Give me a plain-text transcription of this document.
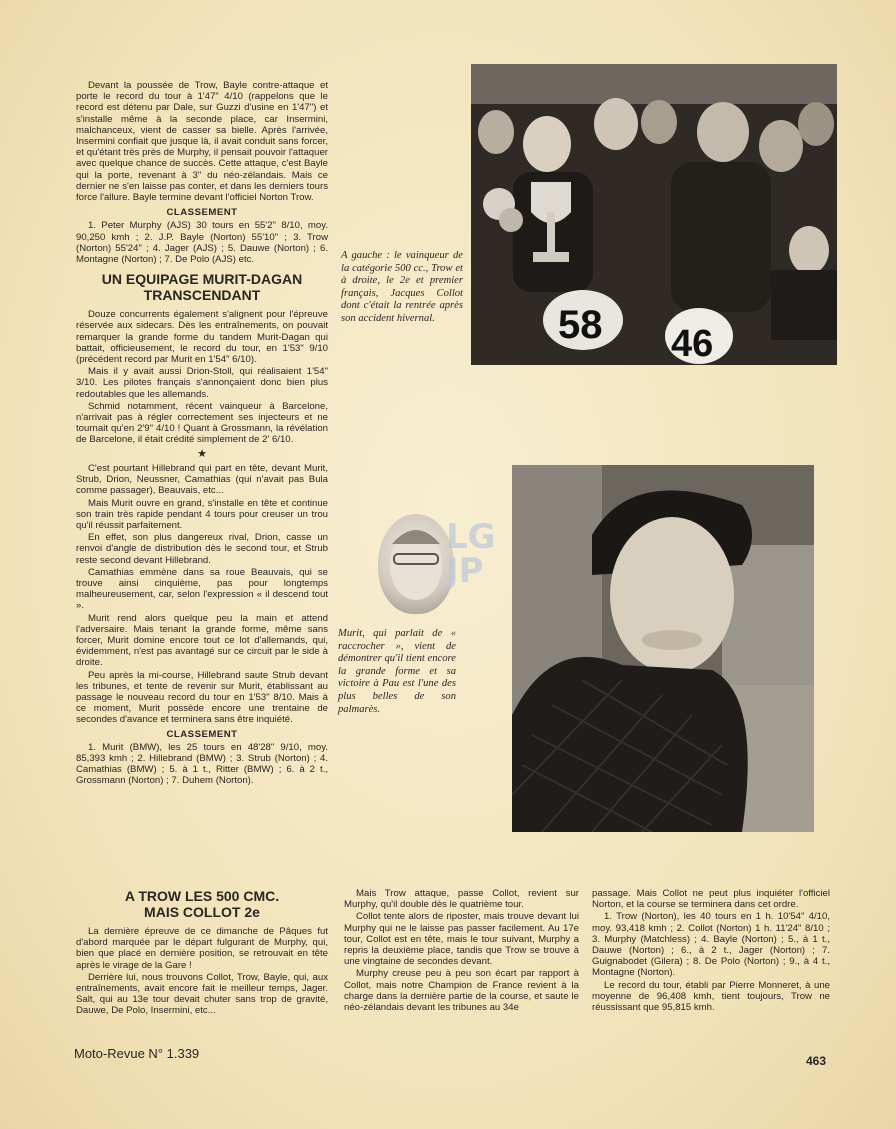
Devant la poussée de Trow, Bayle contre-attaque et porte le record du tour à 1'47" 4/10 (rappelons que le record est détenu par Dale, sur Guzzi d'usine en 1'47") et s'installe même à la seconde place, car Insermini, malchanceux, vient de casser sa bielle. Après l'arrivée, Insermini confiait que jusque là, il avait conduit sans forcer, et qu'étant très près de Murphy, il pensait pouvoir l'attaquer avec quelque chance de succès. Cette attaque, c'est Bayle qui la porte, revenant à 3" du néo-zélandais. Mais ce dernier ne s'en laisse pas conter, et dans les derniers tours force l'allure. Bayle termine devant l'officiel Norton Trow.

CLASSEMENT

1. Peter Murphy (AJS) 30 tours en 55'2" 8/10, moy. 90,250 kmh ; 2. J.P. Bayle (Norton) 55'10" ; 3. Trow (Norton) 55'24" ; 4. Jager (AJS) ; 5. Dauwe (Norton) ; 6. Montagne (Norton) ; 7. De Polo (AJS) etc.

UN EQUIPAGE MURIT-DAGAN
TRANSCENDANT

Douze concurrents également s'alignent pour l'épreuve réservée aux sidecars. Dès les entraînements, on pouvait remarquer la grande forme du tandem Murit-Dagan qui battait, officieusement, le record du tour, en 1'53" 9/10 (précédent record par Murit en 1'54" 6/10).

Mais il y avait aussi Drion-Stoll, qui réalisaient 1'54" 3/10. Les pilotes français s'annonçaient donc bien plus redoutables que les allemands.

Schmid notamment, récent vainqueur à Barcelone, n'arrivait pas à régler correctement ses injecteurs et ne tournait qu'en 2'9" 4/10 ! Quant à Grossmann, la révélation de Barcelone, il était crédité simplement de 2' 6/10.

★

C'est pourtant Hillebrand qui part en tête, devant Murit, Strub, Drion, Neussner, Camathias (qui n'avait pas Bula comme passager), Beauvais, etc...

Mais Murit ouvre en grand, s'installe en tête et continue son train très rapide pendant 4 tours pour creuser un trou qu'il réussit parfaitement.

En effet, son plus dangereux rival, Drion, casse un renvoi d'angle de distribution dès le second tour, et Strub reste second devant Hillebrand.

Camathias emmène dans sa roue Beauvais, qui se trouve ainsi cinquième, pas pour longtemps malheureusement, car, selon l'expression « il descend tout ».

Murit rend alors quelque peu la main et attend l'adversaire. Mais tenant la grande forme, même sans forcer, Murit domine encore tout ce lot d'allemands, qui, évidemment, n'est pas avantagé sur ce circuit par le side à droite.

Peu après la mi-course, Hillebrand saute Strub devant les tribunes, et tente de revenir sur Murit, établissant au passage le nouveau record du tour en 1'53" 8/10. Mais à ce moment, Murit possède encore une trentaine de secondes d'avance et terminera sans être inquiété.

CLASSEMENT

1. Murit (BMW), les 25 tours en 48'28" 9/10, moy. 85,393 kmh ; 2. Hillebrand (BMW) ; 3. Strub (Norton) ; 4. Camathias (BMW) ; 5. à 1 t., Ritter (BMW) ; 6. à 2 t., Grossmann (Norton) ; 7. Duhem (Norton).

A TROW LES 500 CMC.
MAIS COLLOT 2e

La dernière épreuve de ce dimanche de Pâques fut d'abord marquée par le départ fulgurant de Murphy, qui, bien que placé en dernière position, se retrouvait en tête après le virage de la Gare !

Derrière lui, nous trouvons Collot, Trow, Bayle, qui, aux entraînements, avait encore fait le meilleur temps, Jager. Salt, qui au 13e tour devait chuter sans trop de gravité, Dauwe, De Polo, Insermini, etc...

Mais Trow attaque, passe Collot, revient sur Murphy, qu'il double dès le quatrième tour.

Collot tente alors de riposter, mais trouve devant lui Murphy qui ne le laisse pas passer facilement. Au 17e tour, Collot est en tête, mais le tour suivant, Murphy a repris la deuxième place, tandis que Trow se trouve à une vingtaine de secondes devant.

Murphy creuse peu à peu son écart par rapport à Collot, mais notre Champion de France revient à la charge dans la dernière partie de la course, et saute le néo-zélandais devant les tribunes au 34e

passage. Mais Collot ne peut plus inquiéter l'officiel Norton, et la course se terminera dans cet ordre.

1. Trow (Norton), les 40 tours en 1 h. 10'54" 4/10, moy. 93,418 kmh ; 2. Collot (Norton) 1 h. 11'24" 8/10 ; 3. Murphy (Matchless) ; 4. Bayle (Norton) ; 5., à 1 t., Dauwe (Norton) ; 6., à 2 t., Jager (Norton) ; 7. Guignabodet (Gilera) ; 8. De Polo (Norton) ; 9., à 4 t., Montagne (Norton).

Le record du tour, établi par Pierre Monneret, à une moyenne de 96,408 kmh, tient toujours, Trow ne réussissant que 95,815 kmh.

58 46
A gauche : le vainqueur de la catégorie 500 cc., Trow et à droite, le 2e et premier français, Jacques Collot dont c'était la rentrée après son accident hivernal.
LG
JP
Murit, qui parlait de « raccrocher », vient de démontrer qu'il tient encore la grande forme et sa victoire à Pau est l'une des plus belles de son palmarès.
Moto-Revue N° 1.339	463
